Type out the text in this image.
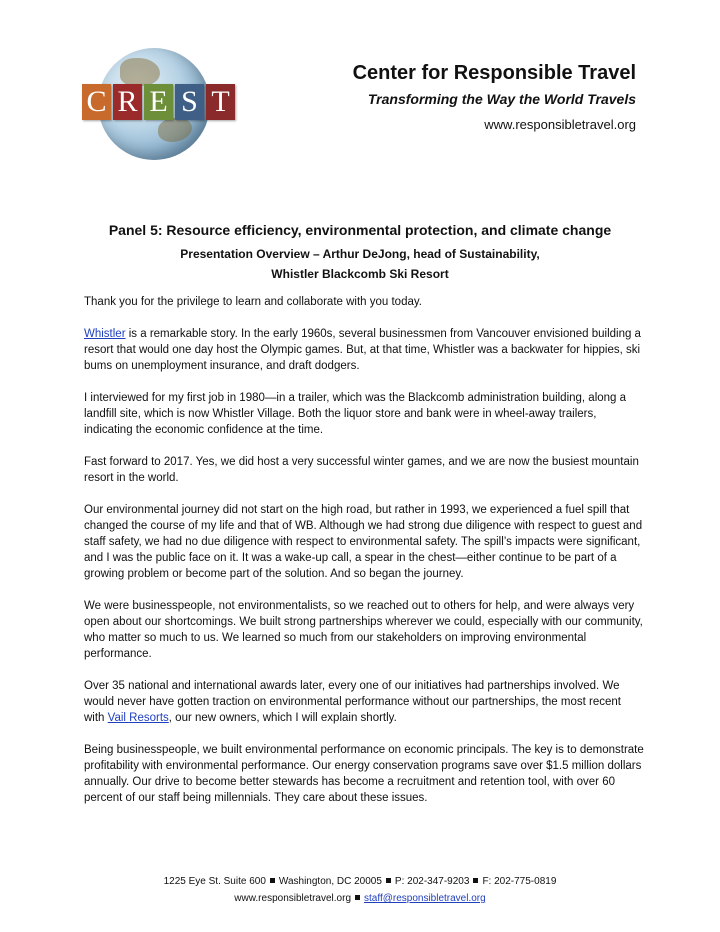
C R E S T
Center for Responsible Travel
Transforming the Way the World Travels
www.responsibletravel.org
Panel 5: Resource efficiency, environmental protection, and climate change
Presentation Overview – Arthur DeJong, head of Sustainability,
Whistler Blackcomb Ski Resort

Thank you for the privilege to learn and collaborate with you today.

Whistler is a remarkable story. In the early 1960s, several businessmen from Vancouver envisioned building a resort that would one day host the Olympic games. But, at that time, Whistler was a backwater for hippies, ski bums on unemployment insurance, and draft dodgers.

I interviewed for my first job in 1980—in a trailer, which was the Blackcomb administration building, along a landfill site, which is now Whistler Village. Both the liquor store and bank were in wheel-away trailers, indicating the economic confidence at the time.

Fast forward to 2017. Yes, we did host a very successful winter games, and we are now the busiest mountain resort in the world.

Our environmental journey did not start on the high road, but rather in 1993, we experienced a fuel spill that changed the course of my life and that of WB. Although we had strong due diligence with respect to guest and staff safety, we had no due diligence with respect to environmental safety. The spill’s impacts were significant, and I was the public face on it. It was a wake-up call, a spear in the chest—either continue to be part of a growing problem or become part of the solution. And so began the journey.

We were businesspeople, not environmentalists, so we reached out to others for help, and were always very open about our shortcomings. We built strong partnerships wherever we could, especially with our community, who matter so much to us. We learned so much from our stakeholders on improving environmental performance.

Over 35 national and international awards later, every one of our initiatives had partnerships involved. We would never have gotten traction on environmental performance without our partnerships, the most recent with Vail Resorts, our new owners, which I will explain shortly.

Being businesspeople, we built environmental performance on economic principals. The key is to demonstrate profitability with environmental performance. Our energy conservation programs save over $1.5 million dollars annually. Our drive to become better stewards has become a recruitment and retention tool, with over 60 percent of our staff being millennials. They care about these issues.

1225 Eye St. Suite 600 Washington, DC 20005 P: 202-347-9203 F: 202-775-0819
www.responsibletravel.org staff@responsibletravel.org
